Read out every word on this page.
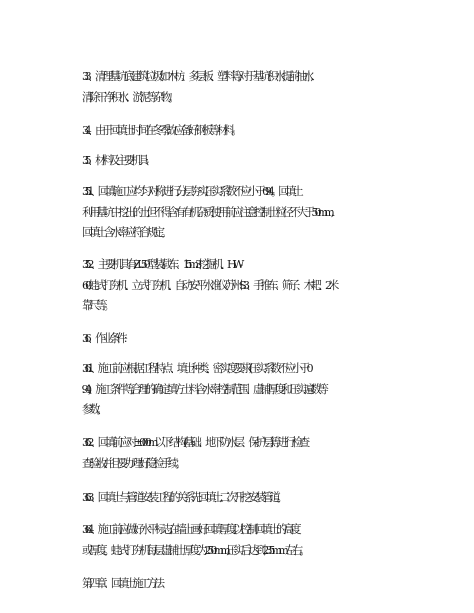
3.3、清理基坑底建筑垃圾如木枋、多层板、塑料等;对于基坑积水提前抽水,
清除干净积水、淤泥等杂物。
3.4、由于回填土时间在冬季,故应备好钢板等材料。
3.5、材料及主要机具:
3.5.1、回填施工应均匀对称进行,分层夯实,压实系数不应小于0.94。回填土
利用基坑中挖出的土,但不得含有有机杂质;使用前应注意控制土粒径不大于50mm,
回填土含水率应符合规定。
3.5.2、主要机具有:ZL50型装载车、1.5m3挖掘机、HW-
60蛙式打夯机、立式打夯机、自动安平水准仪苏州S3、手推车、筛子、木耙、2米
靠尺等。
3.6、作业条件:
3.6.1、施工前应根据工程特点、填土种类、密实度要求(压实系数不应小于0
.94)、施工条件等,合理的确定填方土料含水率控制范围、虚铺厚度和压实遍数等
参数。
3.6.2、回填前应对±0.00m以下结构(基础、地下防水层、保护层)等进行检查
查验收,并且要办理好隐检手续。
3.6.3、回填土与管道安装工程的关系:先回填土,二次开挖安装管道。
3.6.4、施工前,应做好水平标志,在墙上画好回填厚度,以控制回填土的高度
或厚度。蛙式打夯机每层虚铺土厚度为250mm,压实后达到235mm左右。
第四章、回填土施工方法
